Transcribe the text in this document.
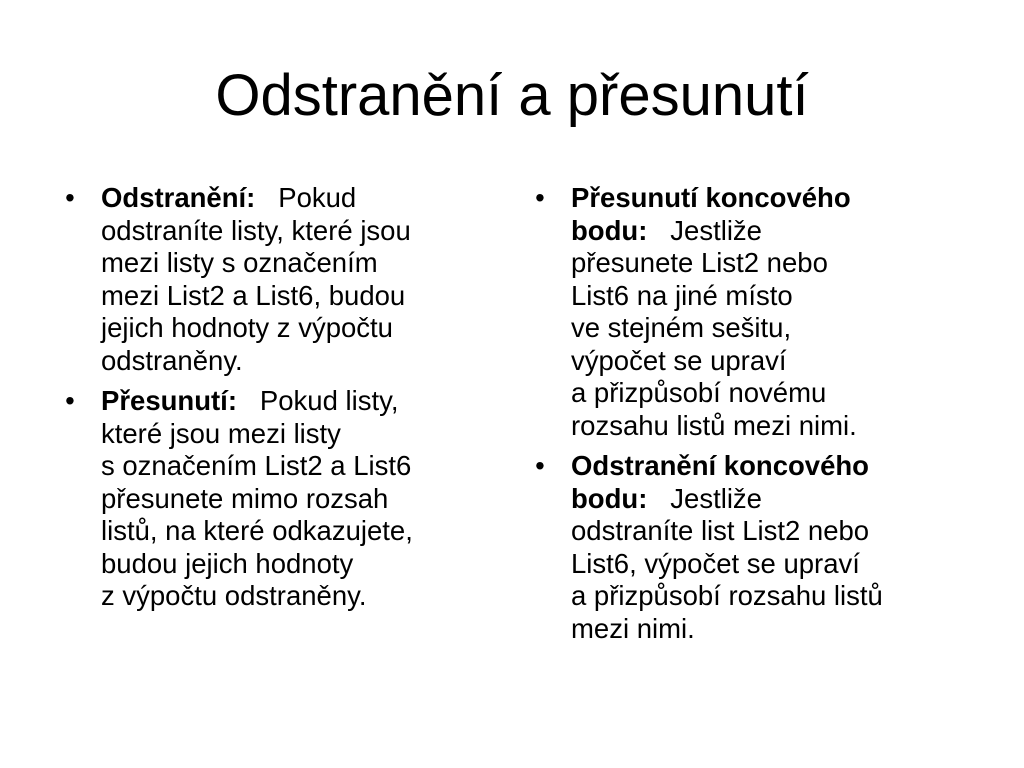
Odstranění a přesunutí
• Odstranění: Pokud
odstraníte listy, které jsou
mezi listy s označením
mezi List2 a List6, budou
jejich hodnoty z výpočtu
odstraněny.
• Přesunutí: Pokud listy,
které jsou mezi listy
s označením List2 a List6
přesunete mimo rozsah
listů, na které odkazujete,
budou jejich hodnoty
z výpočtu odstraněny.
• Přesunutí koncového
bodu: Jestliže
přesunete List2 nebo
List6 na jiné místo
ve stejném sešitu,
výpočet se upraví
a přizpůsobí novému
rozsahu listů mezi nimi.
• Odstranění koncového
bodu: Jestliže
odstraníte list List2 nebo
List6, výpočet se upraví
a přizpůsobí rozsahu listů
mezi nimi.
